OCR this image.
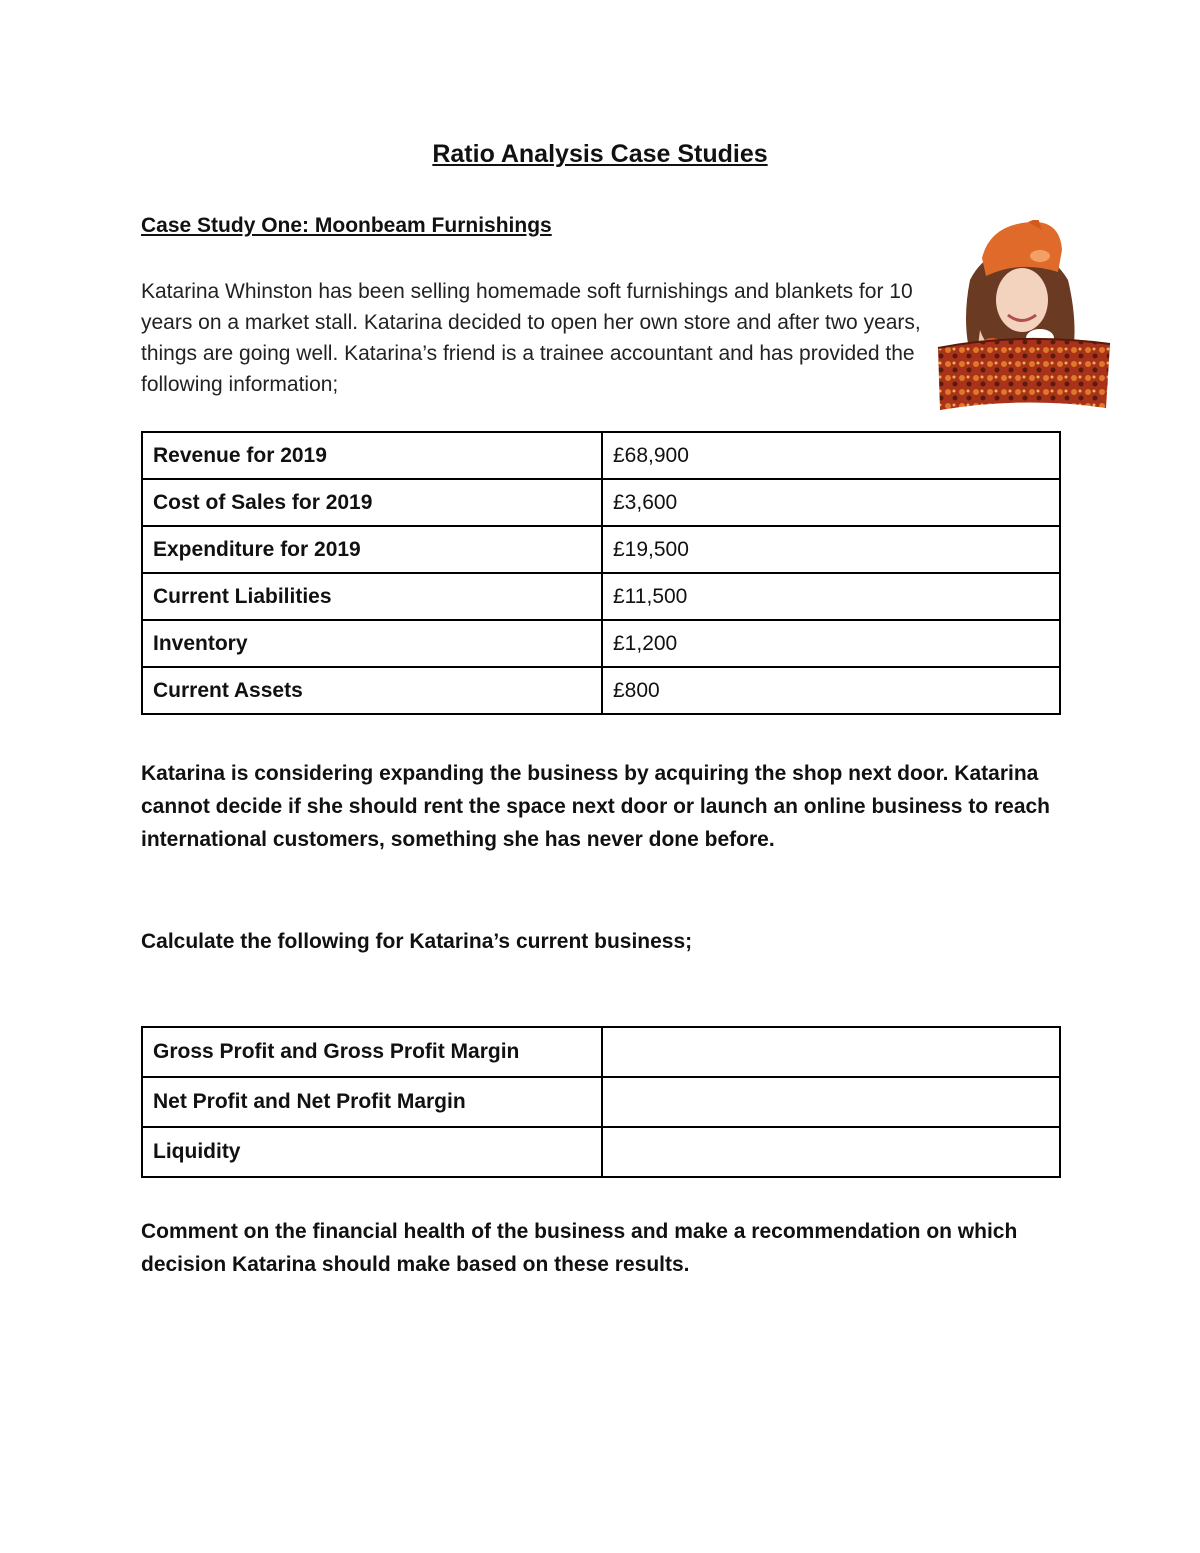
Ratio Analysis Case Studies
Case Study One: Moonbeam Furnishings

Katarina Whinston has been selling homemade soft furnishings and blankets for 10 years on a market stall. Katarina decided to open her own store and after two years, things are going well. Katarina’s friend is a trainee accountant and has provided the following information;

Revenue for 2019	£68,900
Cost of Sales for 2019	£3,600
Expenditure for 2019	£19,500
Current Liabilities	£11,500
Inventory	£1,200
Current Assets	£800

Katarina is considering expanding the business by acquiring the shop next door. Katarina cannot decide if she should rent the space next door or launch an online business to reach international customers, something she has never done before.

Calculate the following for Katarina’s current business;

Gross Profit and Gross Profit Margin	
Net Profit and Net Profit Margin	
Liquidity	

Comment on the financial health of the business and make a recommendation on which decision Katarina should make based on these results.
